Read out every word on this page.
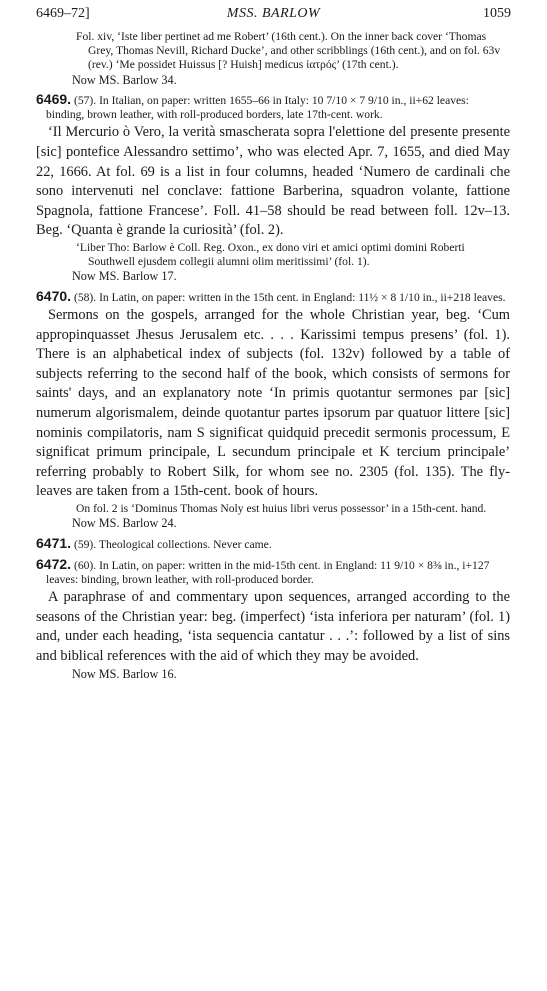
6469–72]	MSS. BARLOW	1059
Fol. xiv, ‘Iste liber pertinet ad me Robert’ (16th cent.). On the inner back cover ‘Thomas Grey, Thomas Nevill, Richard Ducke’, and other scribblings (16th cent.), and on fol. 63v (rev.) ‘Me possidet Huissus [? Huish] medicus ἰατρός’ (17th cent.).
Now MS. Barlow 34.
6469. (57). In Italian, on paper: written 1655–66 in Italy: 10 7/10 × 7 9/10 in., ii+62 leaves: binding, brown leather, with roll-produced borders, late 17th-cent. work.
‘Il Mercurio ò Vero, la verità smascherata sopra l'elettione del presente presente [sic] pontefice Alessandro settimo’, who was elected Apr. 7, 1655, and died May 22, 1666. At fol. 69 is a list in four columns, headed ‘Numero de cardinali che sono intervenuti nel conclave: fattione Barberina, squadron volante, fattione Spagnola, fattione Francese’. Foll. 41–58 should be read between foll. 12v–13. Beg. ‘Quanta è grande la curiosità’ (fol. 2).
‘Liber Tho: Barlow è Coll. Reg. Oxon., ex dono viri et amici optimi domini Roberti Southwell ejusdem collegii alumni olim meritissimi’ (fol. 1).
Now MS. Barlow 17.
6470. (58). In Latin, on paper: written in the 15th cent. in England: 11½ × 8 1/10 in., ii+218 leaves.
Sermons on the gospels, arranged for the whole Christian year, beg. ‘Cum appropinquasset Jhesus Jerusalem etc. . . . Karissimi tempus presens’ (fol. 1). There is an alphabetical index of subjects (fol. 132v) followed by a table of subjects referring to the second half of the book, which consists of sermons for saints' days, and an explanatory note ‘In primis quotantur sermones par [sic] numerum algorismalem, deinde quotantur partes ipsorum par quatuor littere [sic] nominis compilatoris, nam S significat quidquid precedit sermonis processum, E significat primum principale, L secundum principale et K tercium principale’ referring probably to Robert Silk, for whom see no. 2305 (fol. 135). The fly-leaves are taken from a 15th-cent. book of hours.
On fol. 2 is ‘Dominus Thomas Noly est huius libri verus possessor’ in a 15th-cent. hand.
Now MS. Barlow 24.
6471. (59). Theological collections. Never came.
6472. (60). In Latin, on paper: written in the mid-15th cent. in England: 11 9/10 × 8⅜ in., i+127 leaves: binding, brown leather, with roll-produced border.
A paraphrase of and commentary upon sequences, arranged according to the seasons of the Christian year: beg. (imperfect) ‘ista inferiora per naturam’ (fol. 1) and, under each heading, ‘ista sequencia cantatur . . .’: followed by a list of sins and biblical references with the aid of which they may be avoided.
Now MS. Barlow 16.
